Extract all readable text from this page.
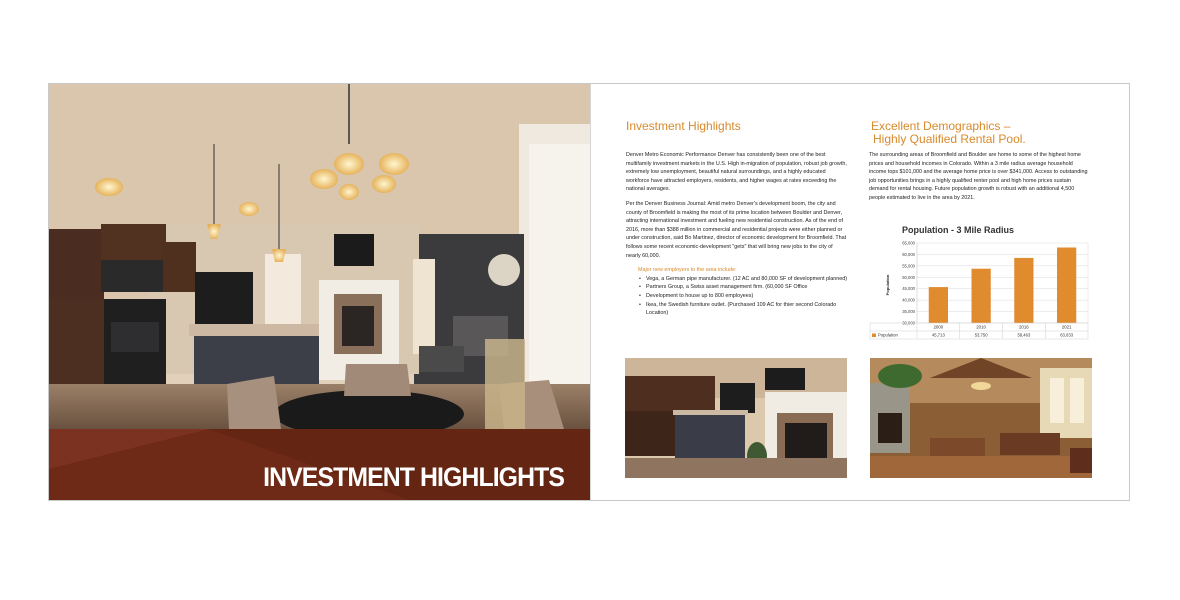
INVESTMENT HIGHLIGHTS
Investment Highlights

Denver Metro Economic Performance Denver has consistently been one of the best multifamily investment markets in the U.S. High in-migration of population, robust job growth, extremely low unemployment, beautiful natural surroundings, and a highly educated workforce have attracted employers, residents, and higher wages at rates exceeding the national averages.

Per the Denver Business Journal: Amid metro Denver's development boom, the city and county of Broomfield is making the most of its prime location between Boulder and Denver, attracting international investment and fueling new residential construction. As of the end of 2016, more than $388 million in commercial and residential projects were either planned or under construction, said Bo Martinez, director of economic development for Broomfield. That follows some recent economic-development "gets" that will bring new jobs to the city of nearly 60,000.

Major new employers to the area include:
• Vega, a German pipe manufacturer. (12 AC and 80,000 SF of development planned)
• Partners Group, a Swiss asset management firm. (60,000 SF Office
• Development to house up to 800 employees)
• Ikea, the Swedish furniture outlet. (Purchased 109 AC for thier second Colorado Location)
Excellent Demographics –
Highly Qualified Rental Pool.

The surrounding areas of Broomfield and Boulder are home to some of the highest home prices and household incomes in Colorado. Within a 3 mile radius average household income tops $101,000 and the average home price is over $341,000. Access to outstanding job opportunities brings in a highly qualified renter pool and high home prices sustain demand for rental housing. Future population growth is robust with an additional 4,500 people estimated to live in the area by 2021.

Population - 3 Mile Radius
Population
65,000
60,000
55,000
50,000
45,000
40,000
35,000
30,000
2000
45,713
2010
53,750
2016
58,463
2021
63,033
Population
